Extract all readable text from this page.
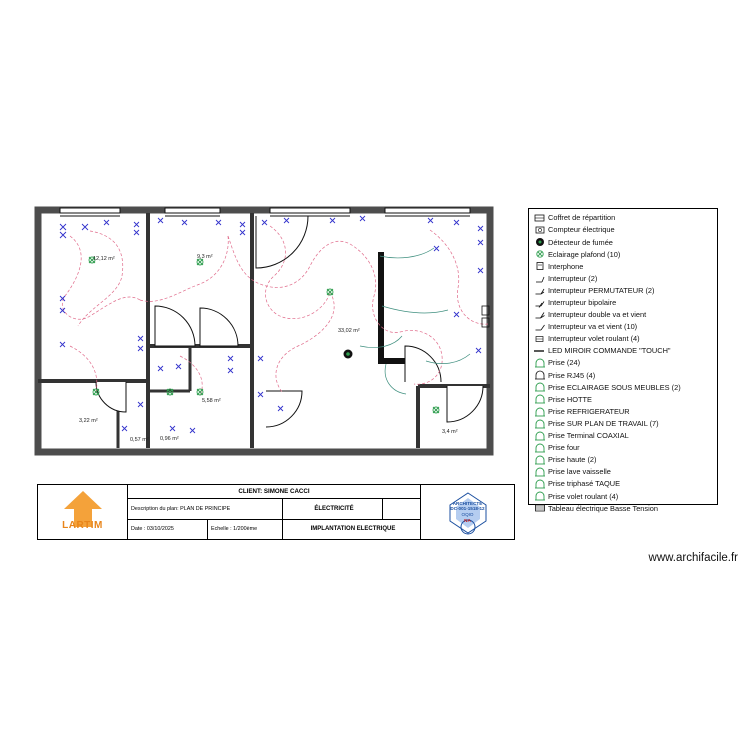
12,12 m²	9,3 m²
33,02 m²
5,58 m²
3,22 m²
0,57 m² 0,96 m²
3,4 m²
Coffret de répartition
Compteur électrique
Détecteur de fumée
Eclairage plafond (10)
Interphone
Interrupteur (2)
Interrupteur PERMUTATEUR (2)
Interrupteur bipolaire
Interrupteur double va et vient
Interrupteur va et vient (10)
Interrupteur volet roulant (4)
LED MIROIR COMMANDE "TOUCH"
Prise (24)
Prise RJ45 (4)
Prise ECLAIRAGE SOUS MEUBLES (2)
Prise HOTTE
Prise REFRIGERATEUR
Prise SUR PLAN DE TRAVAIL (7)
Prise Terminal COAXIAL
Prise four
Prise haute (2)
Prise lave vaisselle
Prise triphasé TAQUE
Prise volet roulant (4)
Tableau électrique Basse Tension
LARTIM
CLIENT: SIMONE CACCI
Description du plan: PLAN DE PRINCIPE	ÉLECTRICITÉ
Date : 03/10/2025	Echelle : 1/200ème	IMPLANTATION ELECTRIQUE
ARCHITECTE
DC-001-1518-12
OQIO
NA
www.archifacile.fr
